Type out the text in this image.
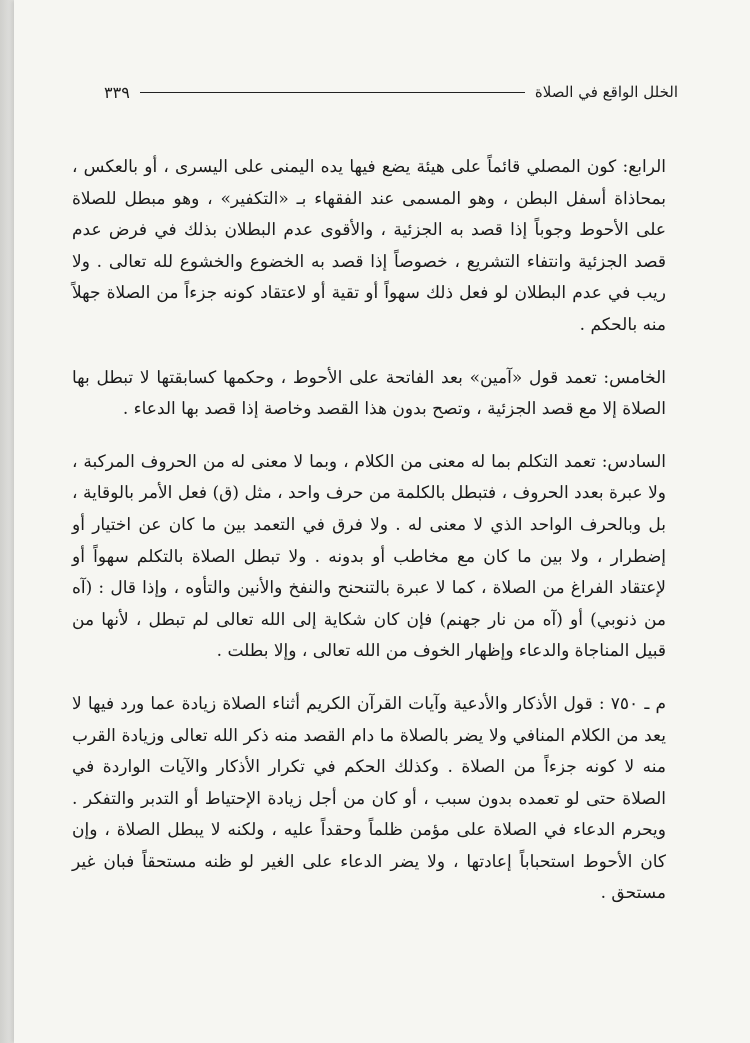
الخلل الواقع في الصلاة
٣٣٩

الرابع: كون المصلي قائماً على هيئة يضع فيها يده اليمنى على اليسرى ، أو بالعكس ، بمحاذاة أسفل البطن ، وهو المسمى عند الفقهاء بـ «التكفير» ، وهو مبطل للصلاة على الأحوط وجوباً إذا قصد به الجزئية ، والأقوى عدم البطلان بذلك في فرض عدم قصد الجزئية وانتفاء التشريع ، خصوصاً إذا قصد به الخضوع والخشوع لله تعالى . ولا ريب في عدم البطلان لو فعل ذلك سهواً أو تقية أو لاعتقاد كونه جزءاً من الصلاة جهلاً منه بالحكم .

الخامس: تعمد قول «آمين» بعد الفاتحة على الأحوط ، وحكمها كسابقتها لا تبطل بها الصلاة إلا مع قصد الجزئية ، وتصح بدون هذا القصد وخاصة إذا قصد بها الدعاء .

السادس: تعمد التكلم بما له معنى من الكلام ، وبما لا معنى له من الحروف المركبة ، ولا عبرة بعدد الحروف ، فتبطل بالكلمة من حرف واحد ، مثل (ق) فعل الأمر بالوقاية ، بل وبالحرف الواحد الذي لا معنى له . ولا فرق في التعمد بين ما كان عن اختيار أو إضطرار ، ولا بين ما كان مع مخاطب أو بدونه . ولا تبطل الصلاة بالتكلم سهواً أو لإعتقاد الفراغ من الصلاة ، كما لا عبرة بالتنحنح والنفخ والأنين والتأوه ، وإذا قال : (آه من ذنوبي) أو (آه من نار جهنم) فإن كان شكاية إلى الله تعالى لم تبطل ، لأنها من قبيل المناجاة والدعاء وإظهار الخوف من الله تعالى ، وإلا بطلت .

م ـ ٧٥٠ : قول الأذكار والأدعية وآيات القرآن الكريم أثناء الصلاة زيادة عما ورد فيها لا يعد من الكلام المنافي ولا يضر بالصلاة ما دام القصد منه ذكر الله تعالى وزيادة القرب منه لا كونه جزءاً من الصلاة . وكذلك الحكم في تكرار الأذكار والآيات الواردة في الصلاة حتى لو تعمده بدون سبب ، أو كان من أجل زيادة الإحتياط أو التدبر والتفكر . ويحرم الدعاء في الصلاة على مؤمن ظلماً وحقداً عليه ، ولكنه لا يبطل الصلاة ، وإن كان الأحوط استحباباً إعادتها ، ولا يضر الدعاء على الغير لو ظنه مستحقاً فبان غير مستحق .
